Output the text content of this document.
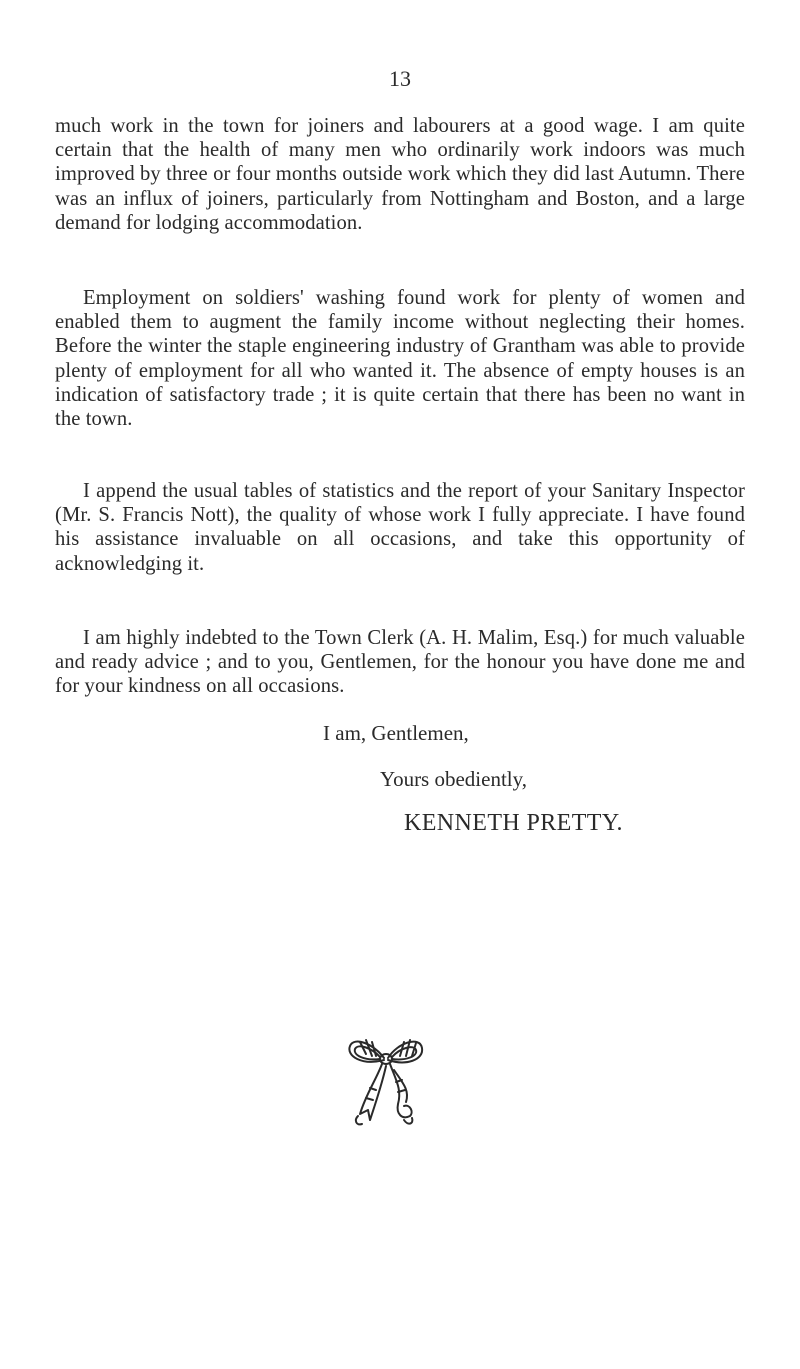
13

much work in the town for joiners and labourers at a good wage. I am quite certain that the health of many men who ordinarily work indoors was much improved by three or four months outside work which they did last Autumn. There was an influx of joiners, particularly from Nottingham and Boston, and a large demand for lodging accommodation.

Employment on soldiers' washing found work for plenty of women and enabled them to augment the family income without neglecting their homes. Before the winter the staple engineering industry of Grantham was able to provide plenty of employment for all who wanted it. The absence of empty houses is an indication of satisfactory trade ; it is quite certain that there has been no want in the town.

I append the usual tables of statistics and the report of your Sanitary Inspector (Mr. S. Francis Nott), the quality of whose work I fully appreciate. I have found his assistance invaluable on all occasions, and take this opportunity of acknowledging it.

I am highly indebted to the Town Clerk (A. H. Malim, Esq.) for much valuable and ready advice ; and to you, Gentlemen, for the honour you have done me and for your kindness on all occasions.

I am, Gentlemen,
Yours obediently,
KENNETH PRETTY.
